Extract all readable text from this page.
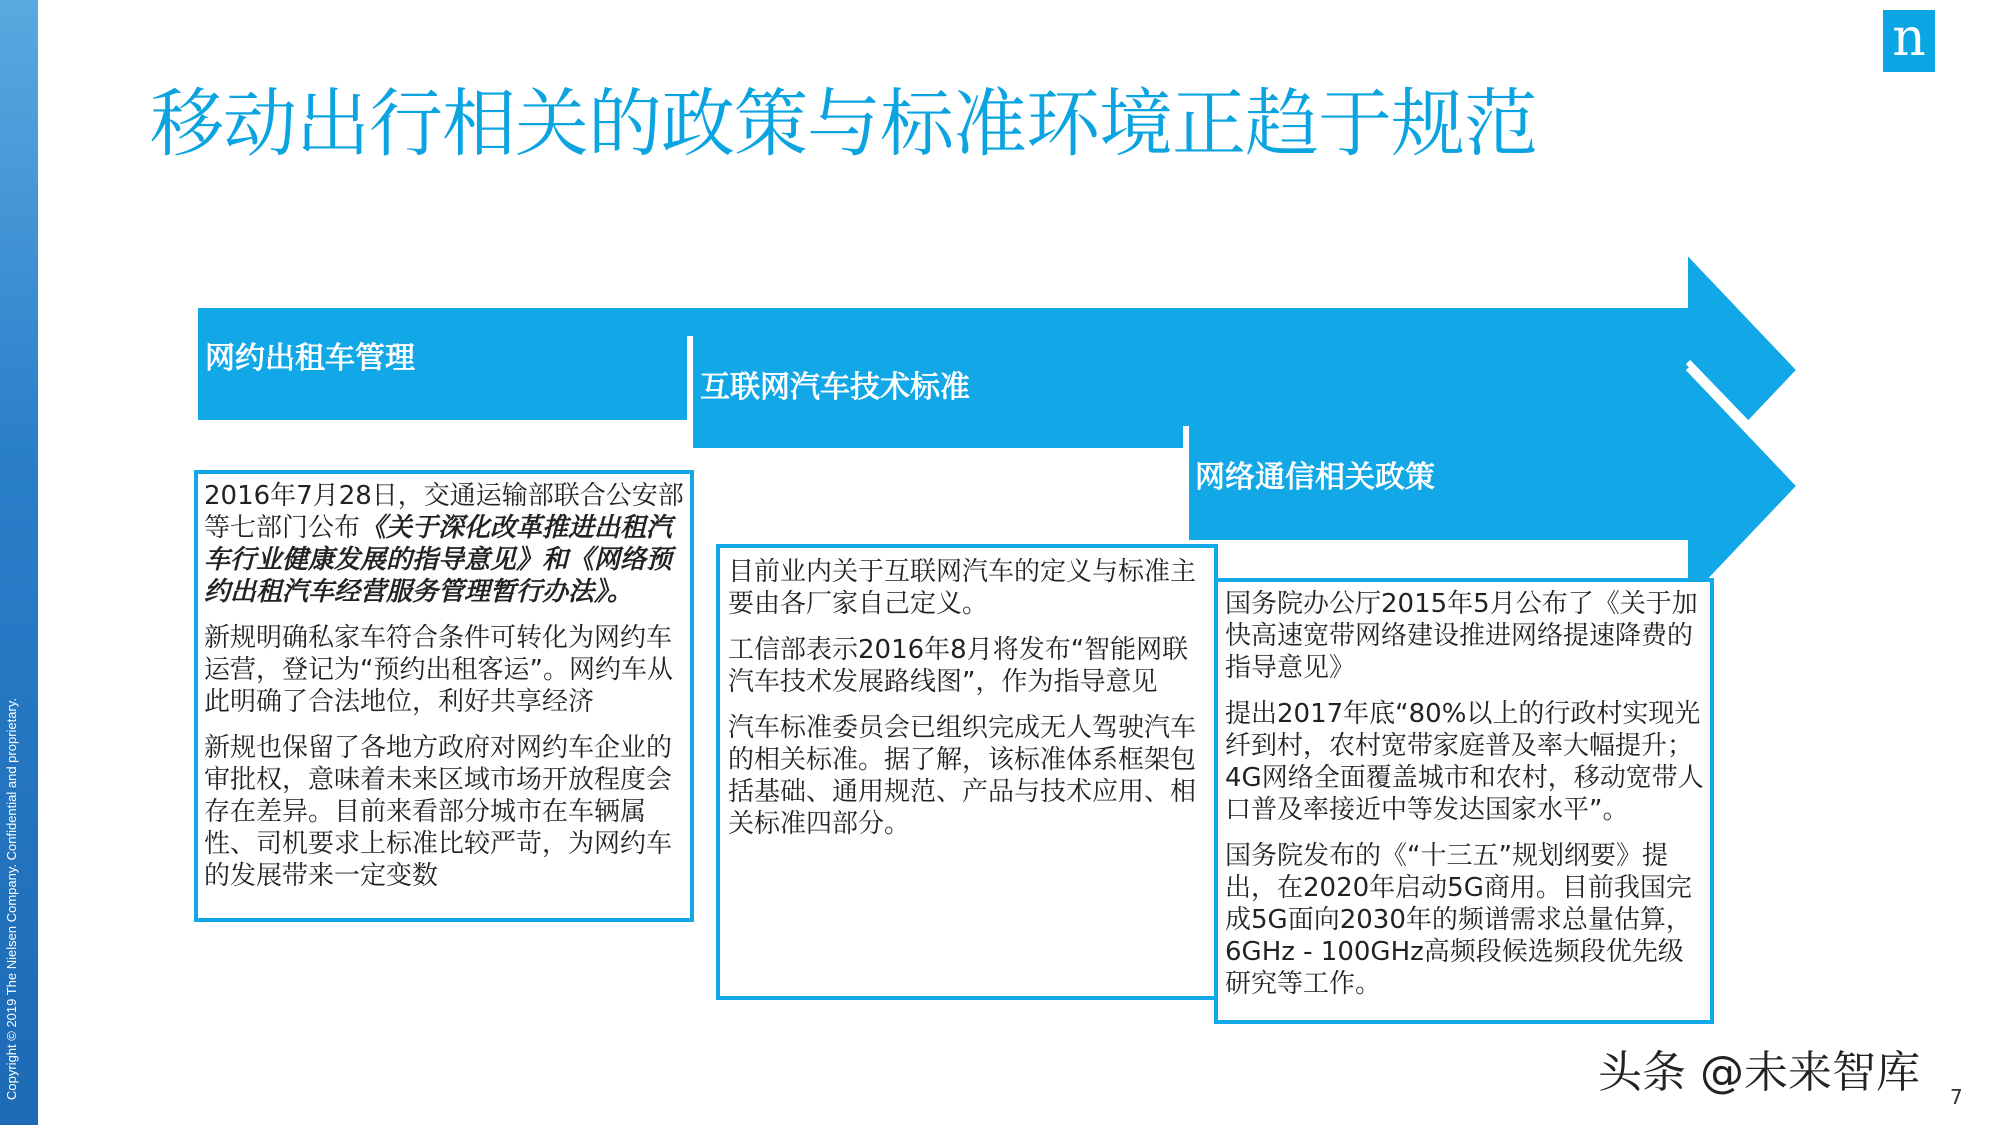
Copyright © 2019 The Nielsen Company. Confidential and proprietary.
n
移动出行相关的政策与标准环境正趋于规范
网约出租车管理
互联网汽车技术标准
网络通信相关政策

2016年7月28日，交通运输部联合公安部等七部门公布《关于深化改革推进出租汽车行业健康发展的指导意见》和《网络预约出租汽车经营服务管理暂行办法》。

新规明确私家车符合条件可转化为网约车运营，登记为“预约出租客运”。网约车从此明确了合法地位，利好共享经济

新规也保留了各地方政府对网约车企业的审批权，意味着未来区域市场开放程度会存在差异。目前来看部分城市在车辆属性、司机要求上标准比较严苛，为网约车的发展带来一定变数

目前业内关于互联网汽车的定义与标准主要由各厂家自己定义。

工信部表示2016年8月将发布“智能网联汽车技术发展路线图”，作为指导意见

汽车标准委员会已组织完成无人驾驶汽车的相关标准。据了解，该标准体系框架包括基础、通用规范、产品与技术应用、相关标准四部分。

国务院办公厅2015年5月公布了《关于加快高速宽带网络建设推进网络提速降费的指导意见》

提出2017年底“80%以上的行政村实现光纤到村，农村宽带家庭普及率大幅提升；4G网络全面覆盖城市和农村，移动宽带人口普及率接近中等发达国家水平”。

国务院发布的《“十三五”规划纲要》提出，在2020年启动5G商用。目前我国完成5G面向2030年的频谱需求总量估算，6GHz - 100GHz高频段候选频段优先级研究等工作。

头条 @未来智库 7
